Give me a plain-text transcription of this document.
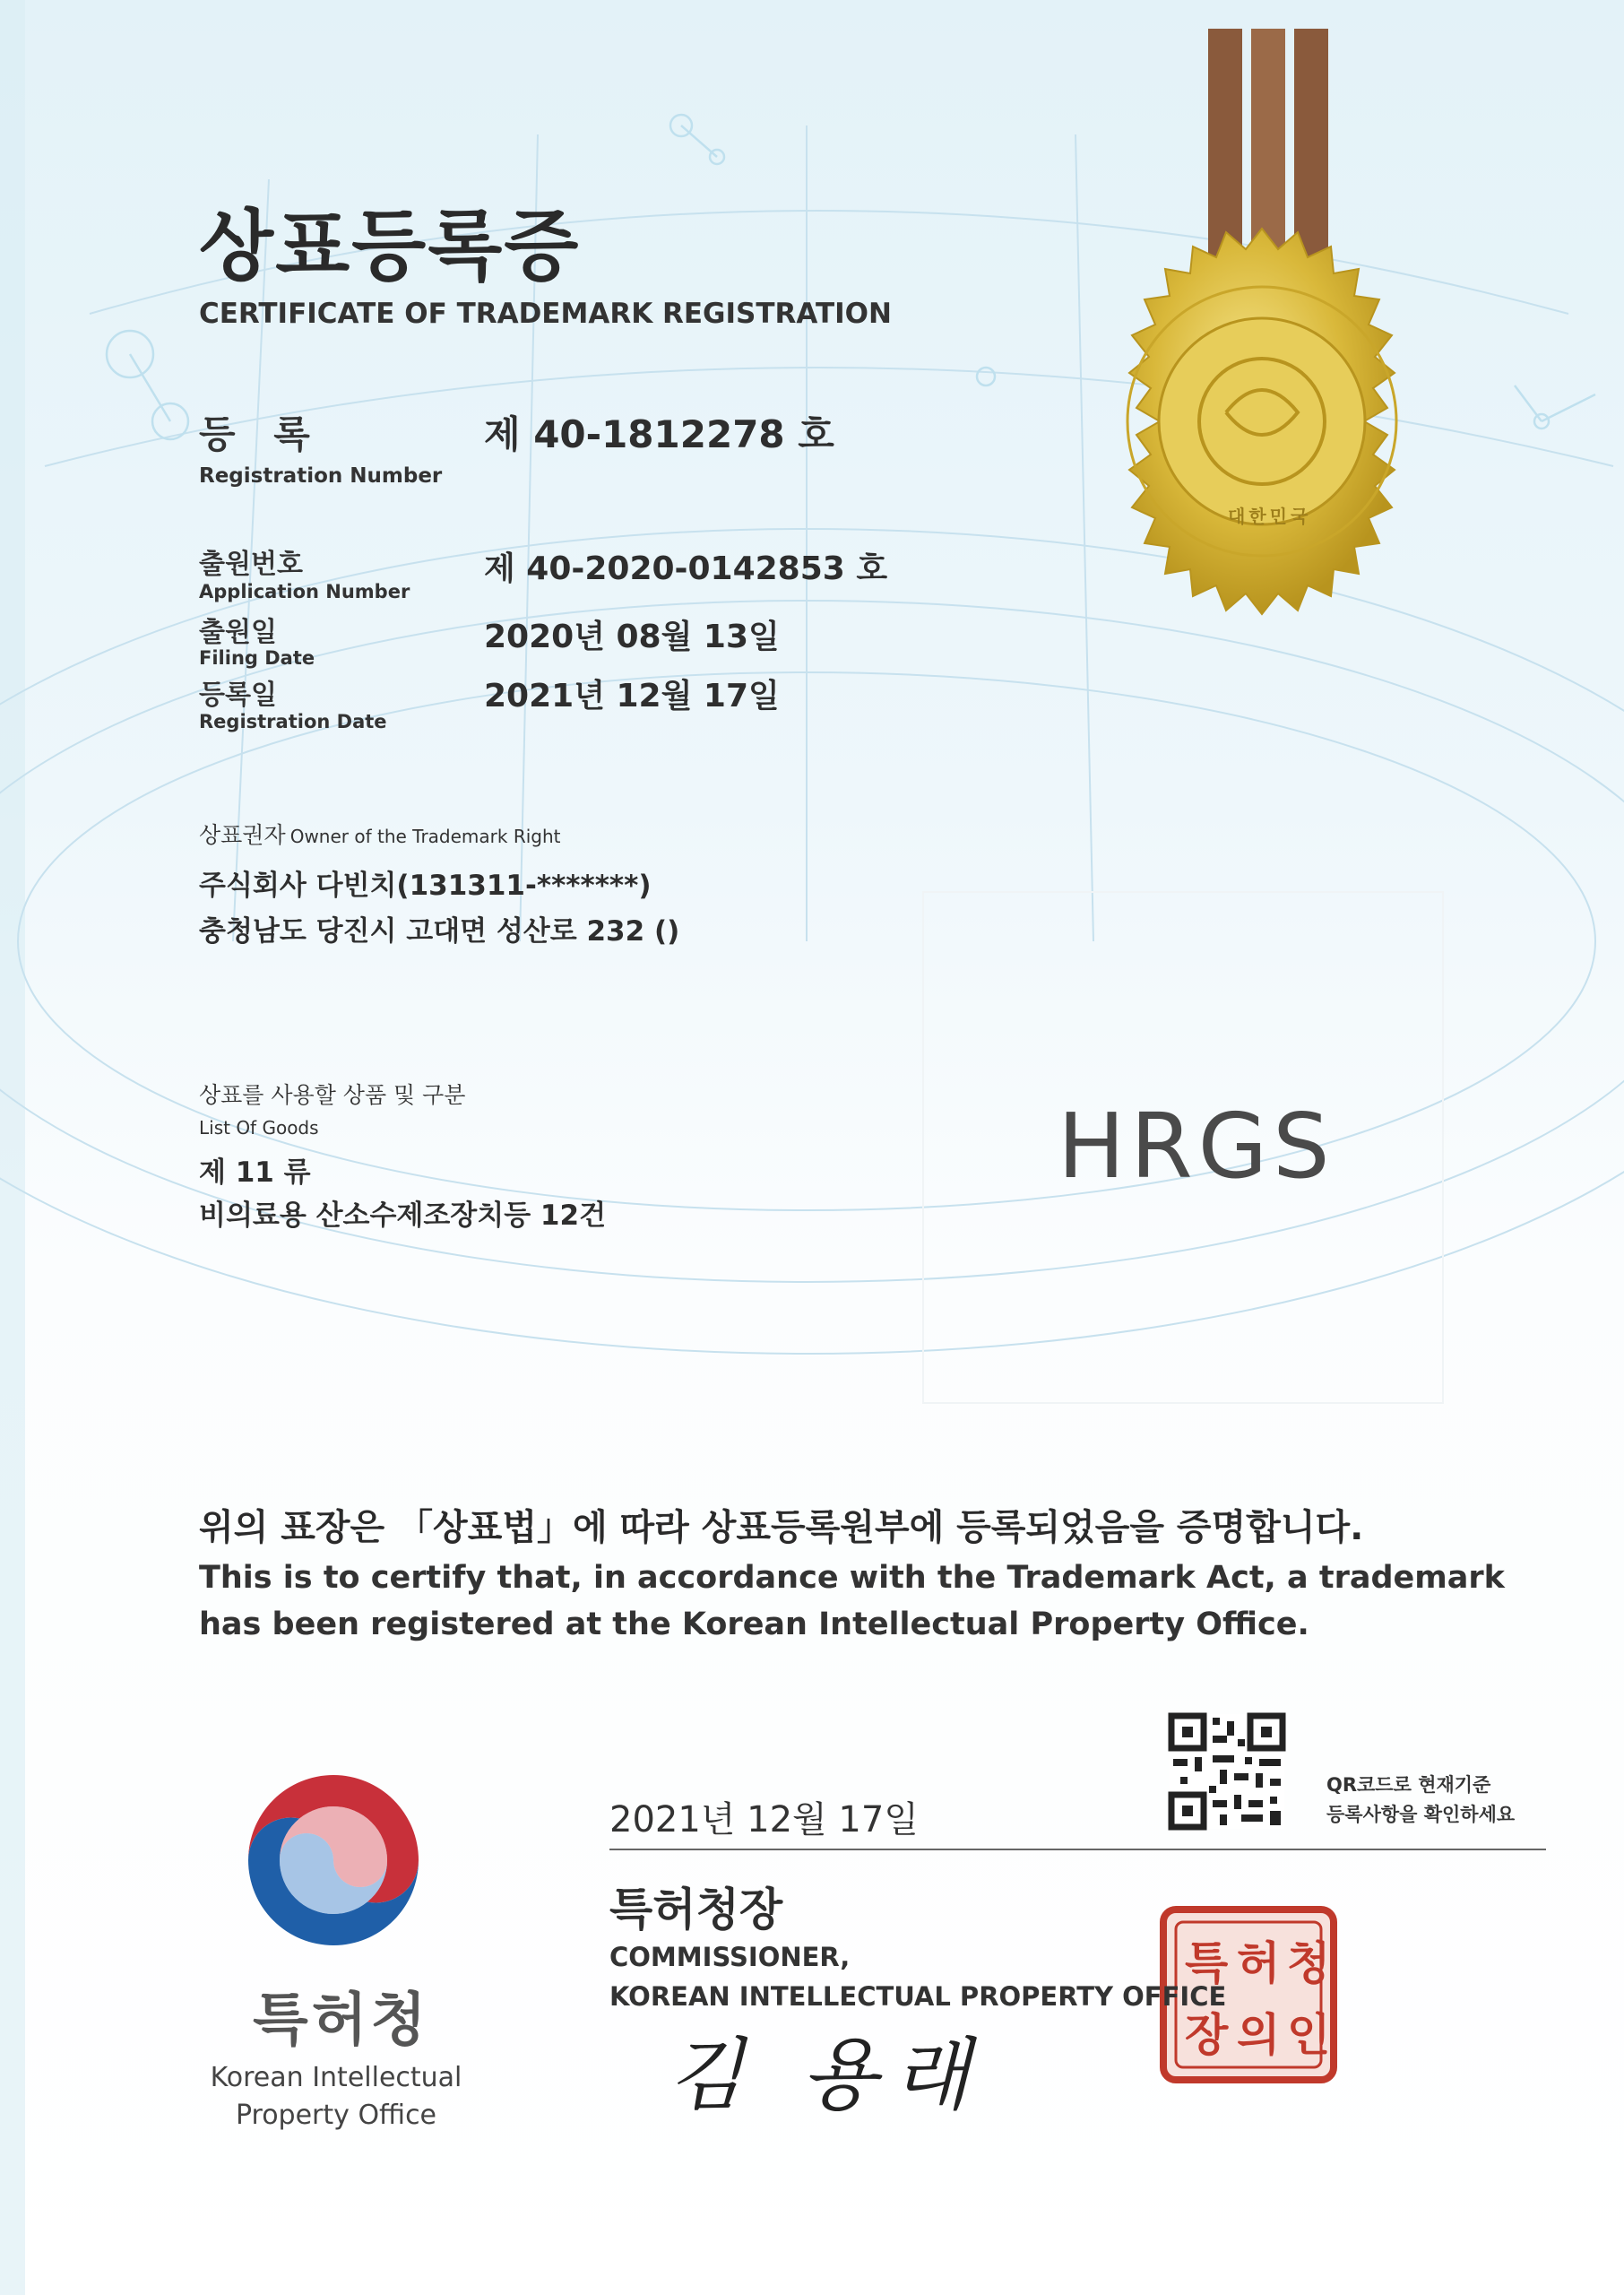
상표등록증
CERTIFICATE OF TRADEMARK REGISTRATION
등 록
Registration Number
제 40-1812278 호
출원번호
Application Number
제 40-2020-0142853 호
출원일
Filing Date
2020년 08월 13일
등록일
Registration Date
2021년 12월 17일
상표권자 Owner of the Trademark Right
주식회사 다빈치(131311-*******)
충청남도 당진시 고대면 성산로 232 ()
상표를 사용할 상품 및 구분
List Of Goods
제 11 류
비의료용 산소수제조장치등 12건
HRGS
위의 표장은 「상표법」에 따라 상표등록원부에 등록되었음을 증명합니다.
This is to certify that, in accordance with the Trademark Act, a trademark
has been registered at the Korean Intellectual Property Office.
2021년 12월 17일
QR코드로 현재기준
등록사항을 확인하세요
특허청장
COMMISSIONER,
KOREAN INTELLECTUAL PROPERTY OFFICE
김 용래
특허청
Korean Intellectual
Property Office
특 허 청
장 의 인
대한민국
